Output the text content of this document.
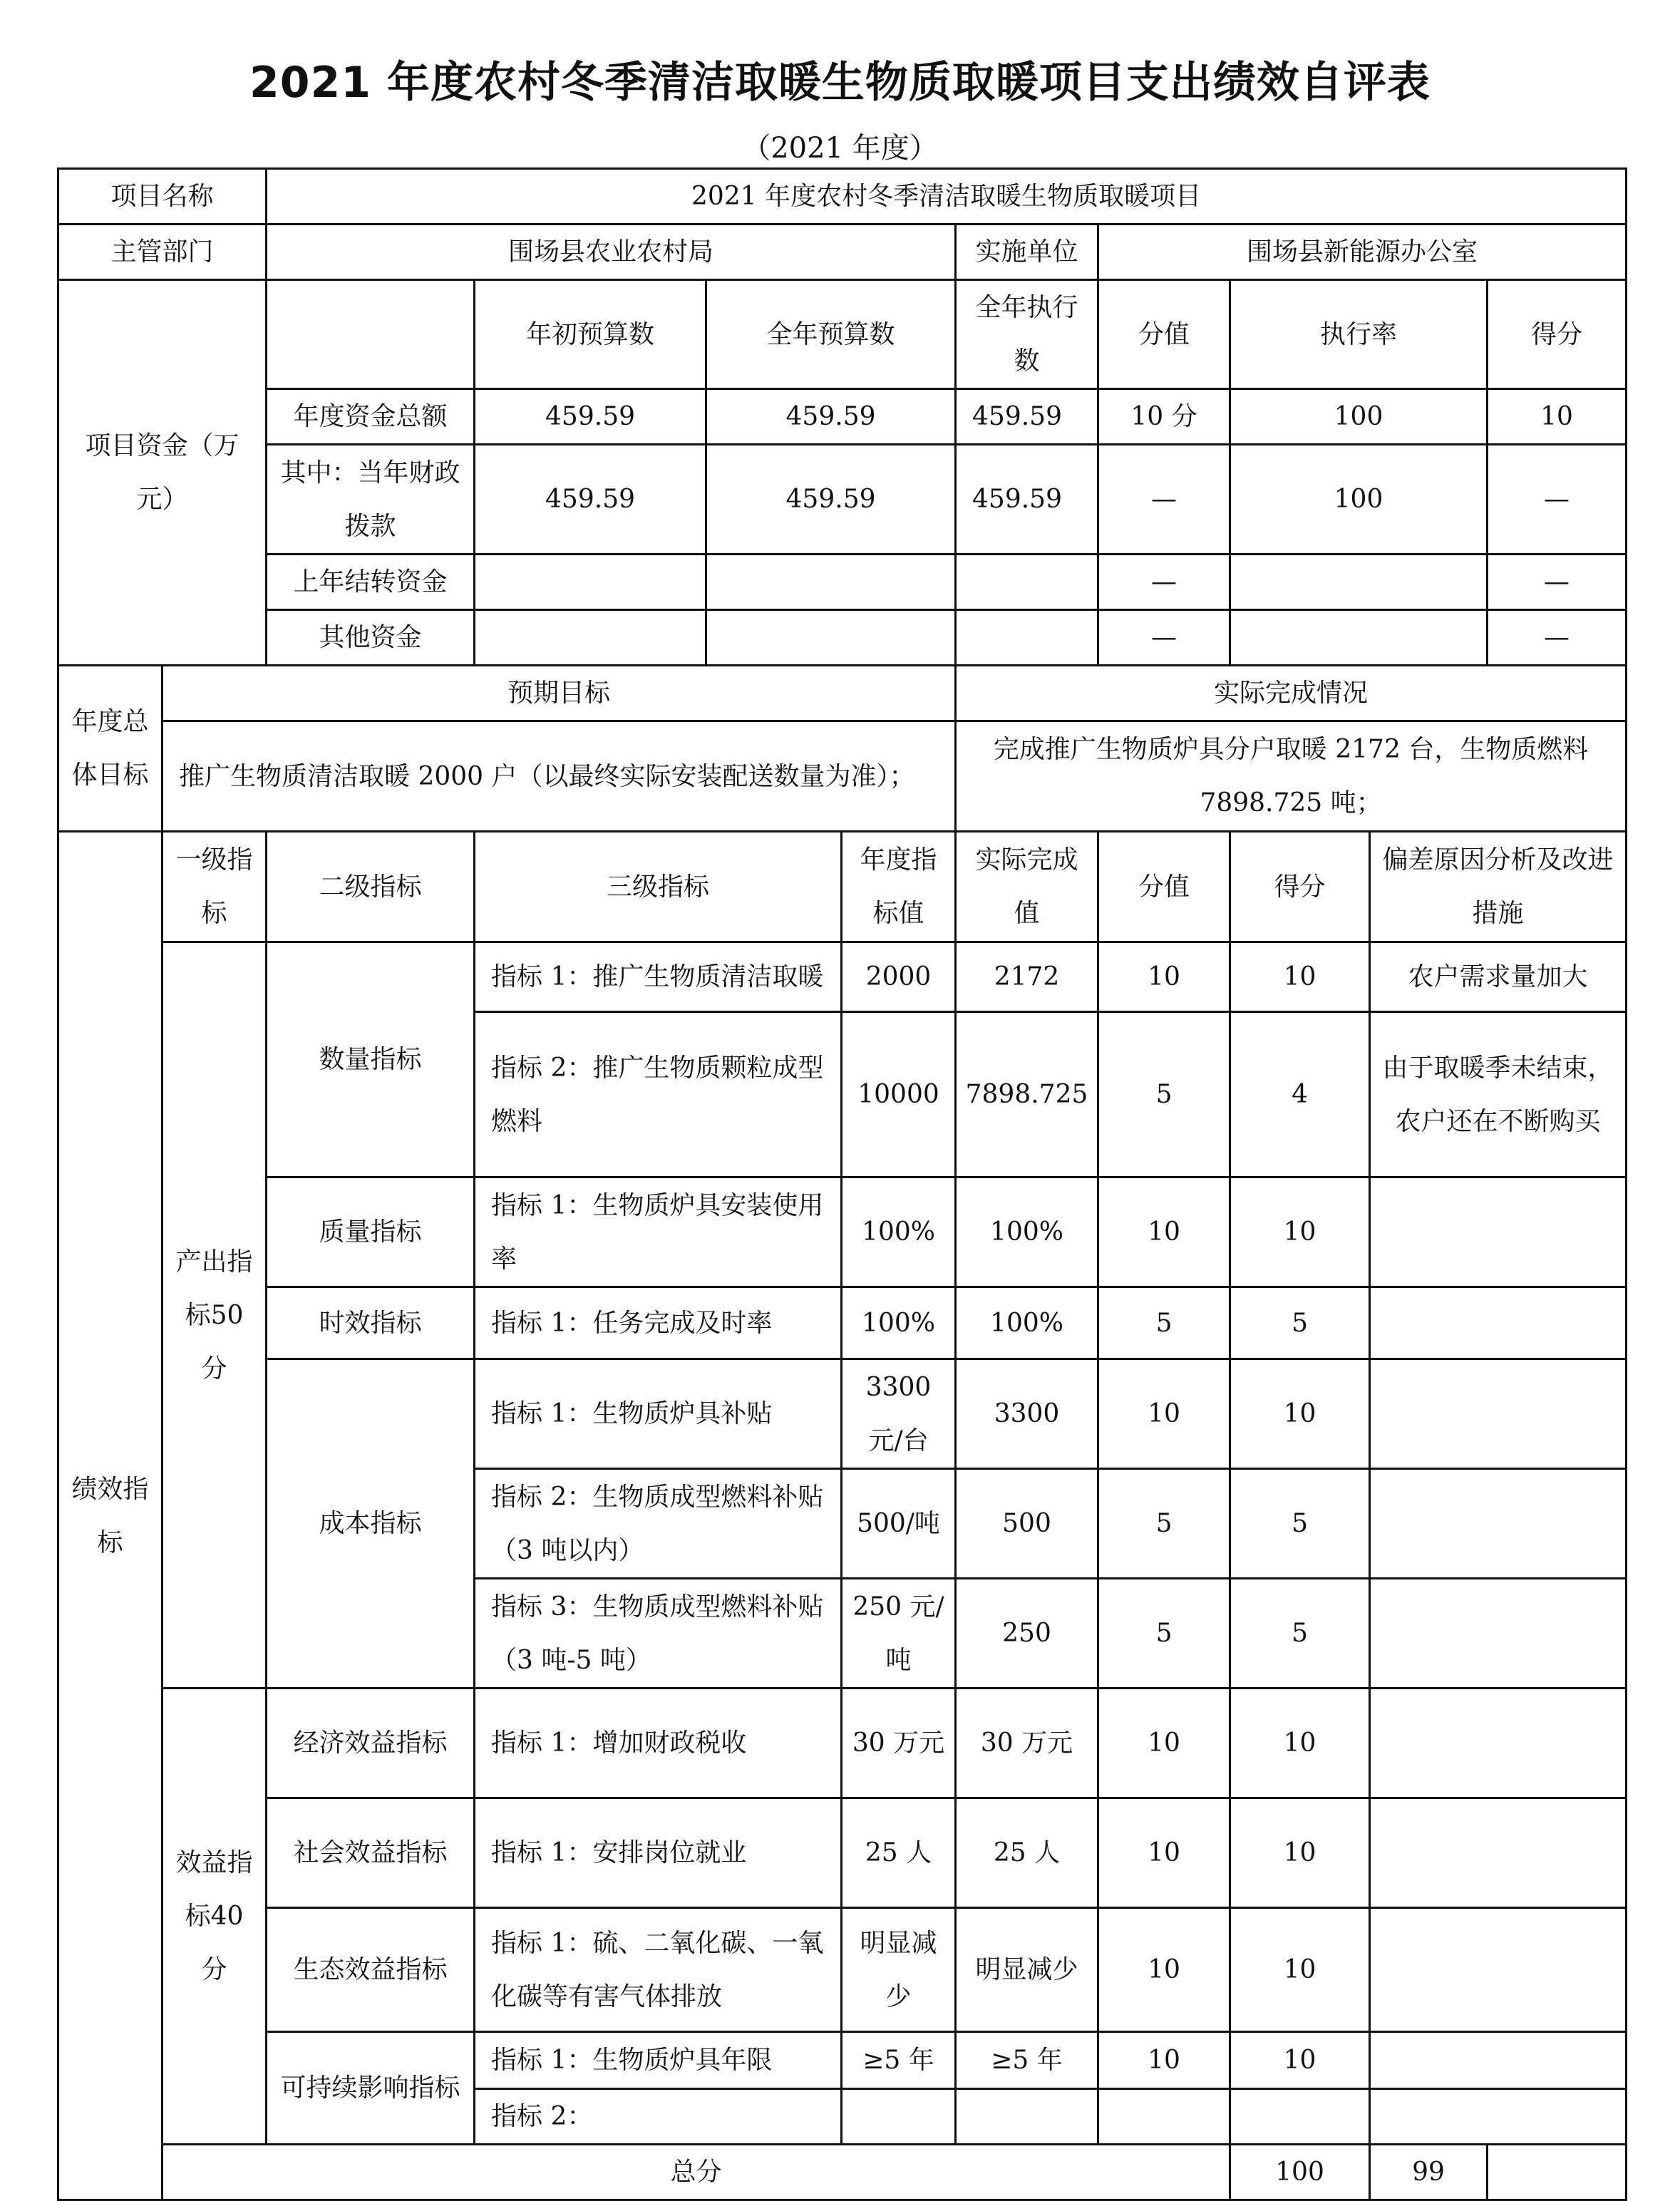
2021 年度农村冬季清洁取暖生物质取暖项目支出绩效自评表
（2021 年度）
项目名称		2021 年度农村冬季清洁取暖生物质取暖项目								
主管部门		围场县农业农村局				实施单位	围场县新能源办公室			
项目资金（万元）			年初预算数	全年预算数		全年执行数	分值	执行率		得分
		年度资金总额	459.59	459.59		459.59	10 分	100		10
		其中：当年财政拨款	459.59	459.59		459.59	—	100		—
		上年结转资金					—			—
		其他资金					—			—
年度总体目标	预期目标					实际完成情况				
	推广生物质清洁取暖 2000 户（以最终实际安装配送数量为准）；					完成推广生物质炉具分户取暖 2172 台，生物质燃料 7898.725 吨；				
绩效指标	一级指标	二级指标	三级指标		年度指标值	实际完成值	分值	得分	偏差原因分析及改进措施	
	产出指标50 分	数量指标	指标 1：推广生物质清洁取暖		2000	2172	10	10	农户需求量加大	
			指标 2：推广生物质颗粒成型燃料		10000	7898.725	5	4	由于取暖季未结束，农户还在不断购买	
		质量指标	指标 1：生物质炉具安装使用率		100%	100%	10	10		
		时效指标	指标 1：任务完成及时率		100%	100%	5	5		
		成本指标	指标 1：生物质炉具补贴		3300元/台	3300	10	10		
			指标 2：生物质成型燃料补贴（3 吨以内）		500/吨	500	5	5		
			指标 3：生物质成型燃料补贴（3 吨-5 吨）		250 元/吨	250	5	5		
	效益指标40 分	经济效益指标	指标 1：增加财政税收		30 万元	30 万元	10	10		
		社会效益指标	指标 1：安排岗位就业		25 人	25 人	10	10		
		生态效益指标	指标 1：硫、二氧化碳、一氧化碳等有害气体排放		明显减少	明显减少	10	10		
		可持续影响指标	指标 1：生物质炉具年限		≥5 年	≥5 年	10	10		
			指标 2：							
	总分							100	99	
